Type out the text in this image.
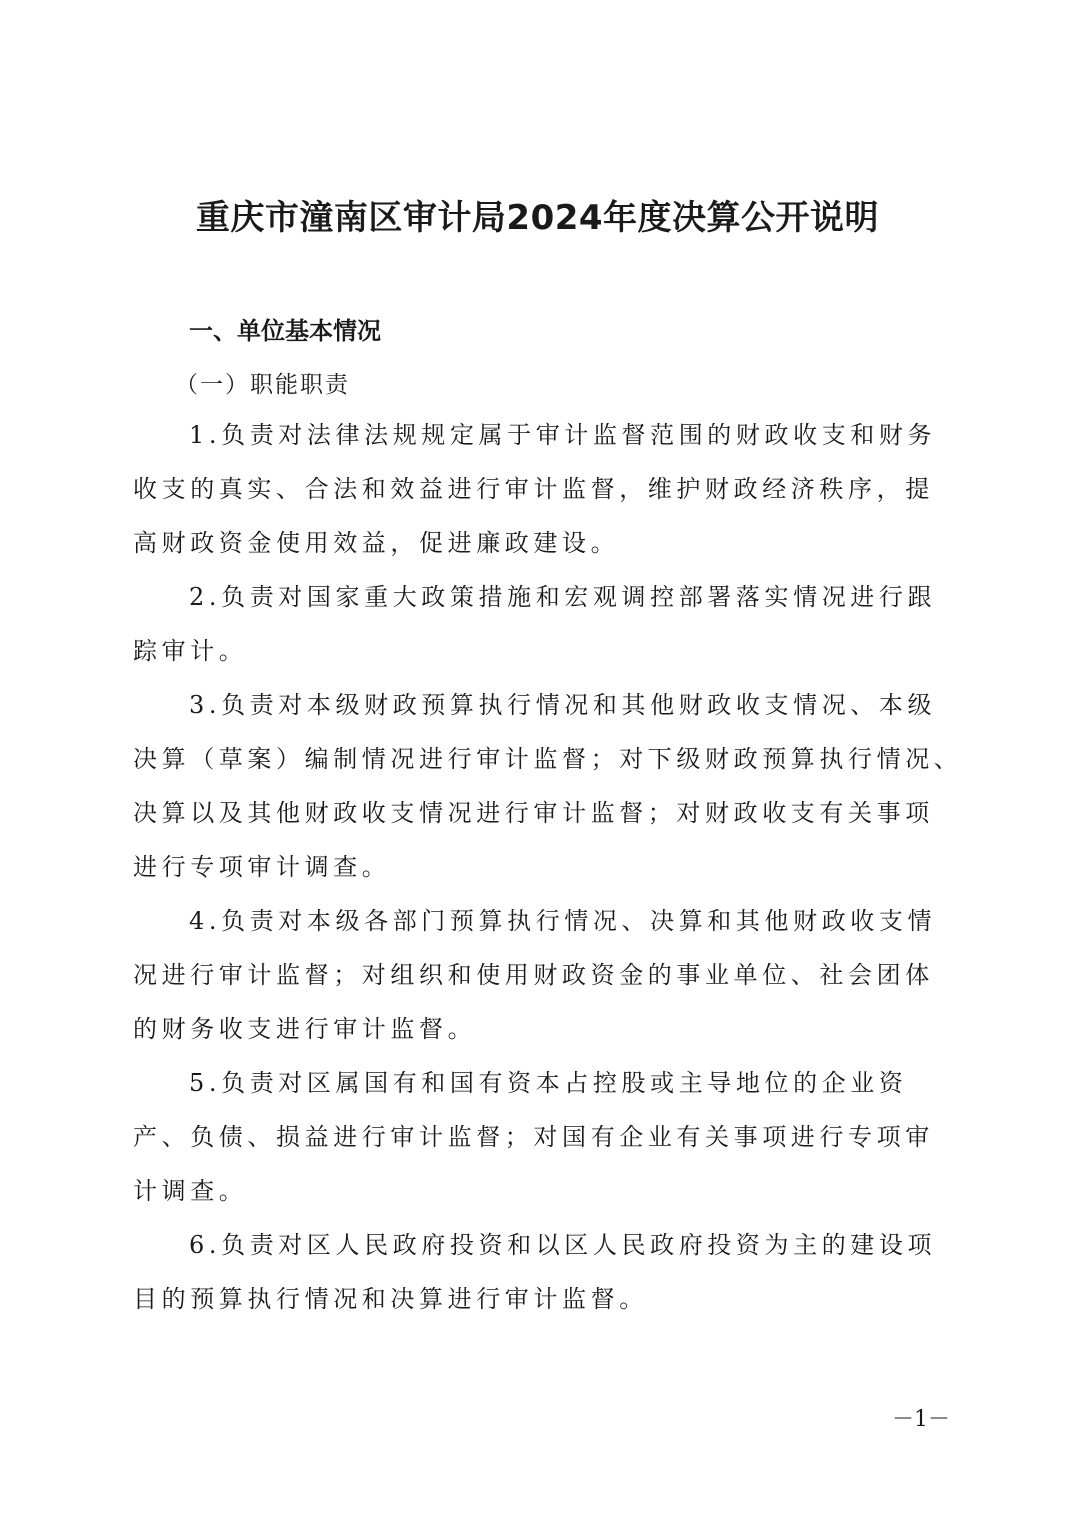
重庆市潼南区审计局2024年度决算公开说明
一、单位基本情况
（一）职能职责

1.负责对法律法规规定属于审计监督范围的财政收支和财务
收支的真实、合法和效益进行审计监督，维护财政经济秩序，提
高财政资金使用效益，促进廉政建设。

2.负责对国家重大政策措施和宏观调控部署落实情况进行跟
踪审计。

3.负责对本级财政预算执行情况和其他财政收支情况、本级
决算（草案）编制情况进行审计监督；对下级财政预算执行情况、
决算以及其他财政收支情况进行审计监督；对财政收支有关事项
进行专项审计调查。

4.负责对本级各部门预算执行情况、决算和其他财政收支情
况进行审计监督；对组织和使用财政资金的事业单位、社会团体
的财务收支进行审计监督。

5.负责对区属国有和国有资本占控股或主导地位的企业资
产、负债、损益进行审计监督；对国有企业有关事项进行专项审
计调查。

6.负责对区人民政府投资和以区人民政府投资为主的建设项
目的预算执行情况和决算进行审计监督。

－1－
